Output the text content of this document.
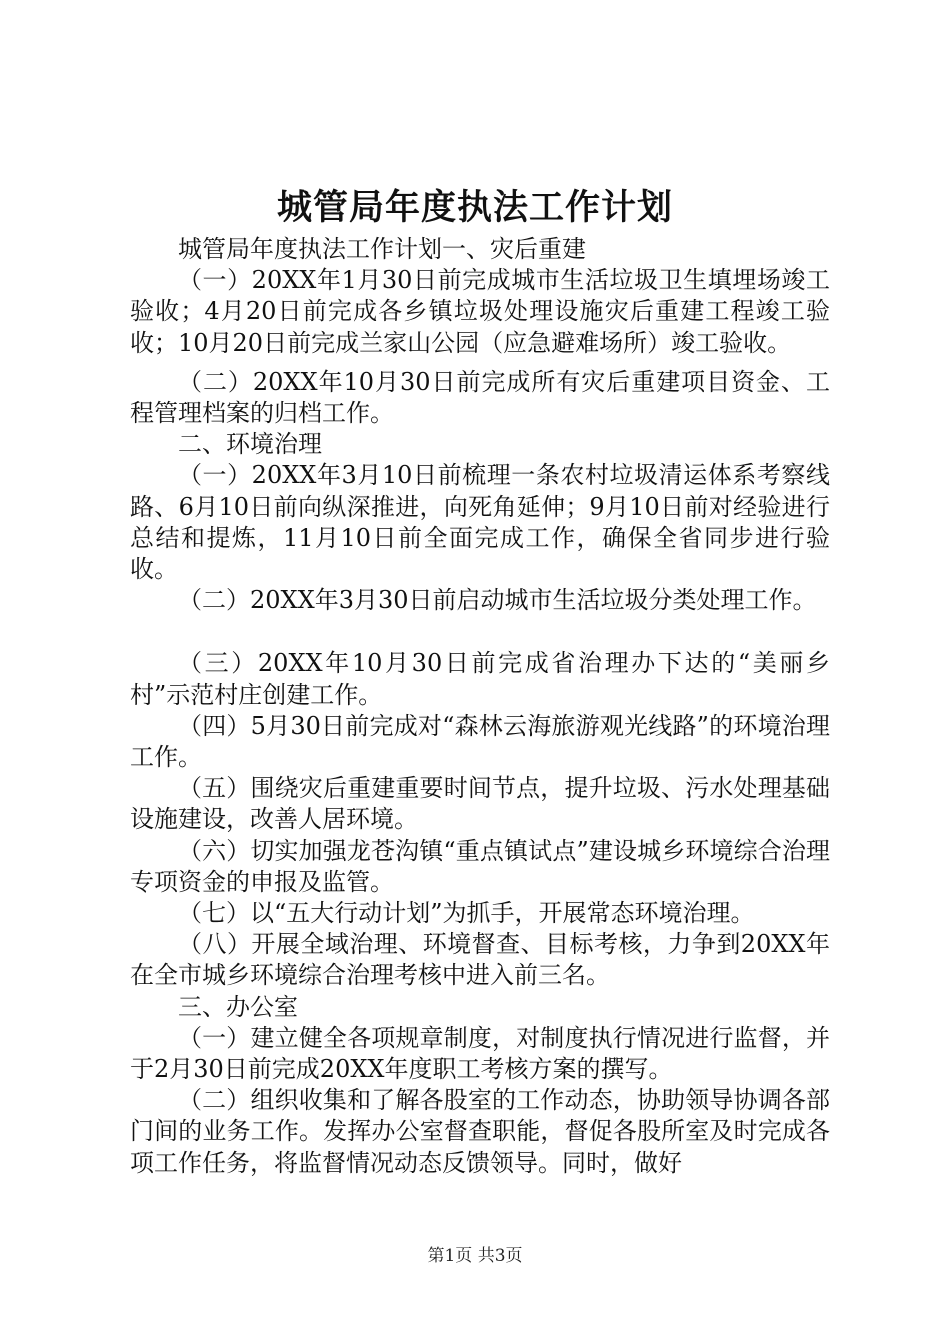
城管局年度执法工作计划

城管局年度执法工作计划一、灾后重建

（一）20XX年1月30日前完成城市生活垃圾卫生填埋场竣工验收；4月20日前完成各乡镇垃圾处理设施灾后重建工程竣工验收；10月20日前完成兰家山公园（应急避难场所）竣工验收。

（二）20XX年10月30日前完成所有灾后重建项目资金、工程管理档案的归档工作。

二、环境治理

（一）20XX年3月10日前梳理一条农村垃圾清运体系考察线路、6月10日前向纵深推进，向死角延伸；9月10日前对经验进行总结和提炼，11月10日前全面完成工作，确保全省同步进行验收。

（二）20XX年3月30日前启动城市生活垃圾分类处理工作。

（三）20XX年10月30日前完成省治理办下达的“美丽乡村”示范村庄创建工作。

（四）5月30日前完成对“森林云海旅游观光线路”的环境治理工作。

（五）围绕灾后重建重要时间节点，提升垃圾、污水处理基础设施建设，改善人居环境。

（六）切实加强龙苍沟镇“重点镇试点”建设城乡环境综合治理专项资金的申报及监管。

（七）以“五大行动计划”为抓手，开展常态环境治理。

（八）开展全域治理、环境督查、目标考核，力争到20XX年在全市城乡环境综合治理考核中进入前三名。

三、办公室

（一）建立健全各项规章制度，对制度执行情况进行监督，并于2月30日前完成20XX年度职工考核方案的撰写。

（二）组织收集和了解各股室的工作动态，协助领导协调各部门间的业务工作。发挥办公室督查职能，督促各股所室及时完成各项工作任务，将监督情况动态反馈领导。同时，做好

第1页 共3页
